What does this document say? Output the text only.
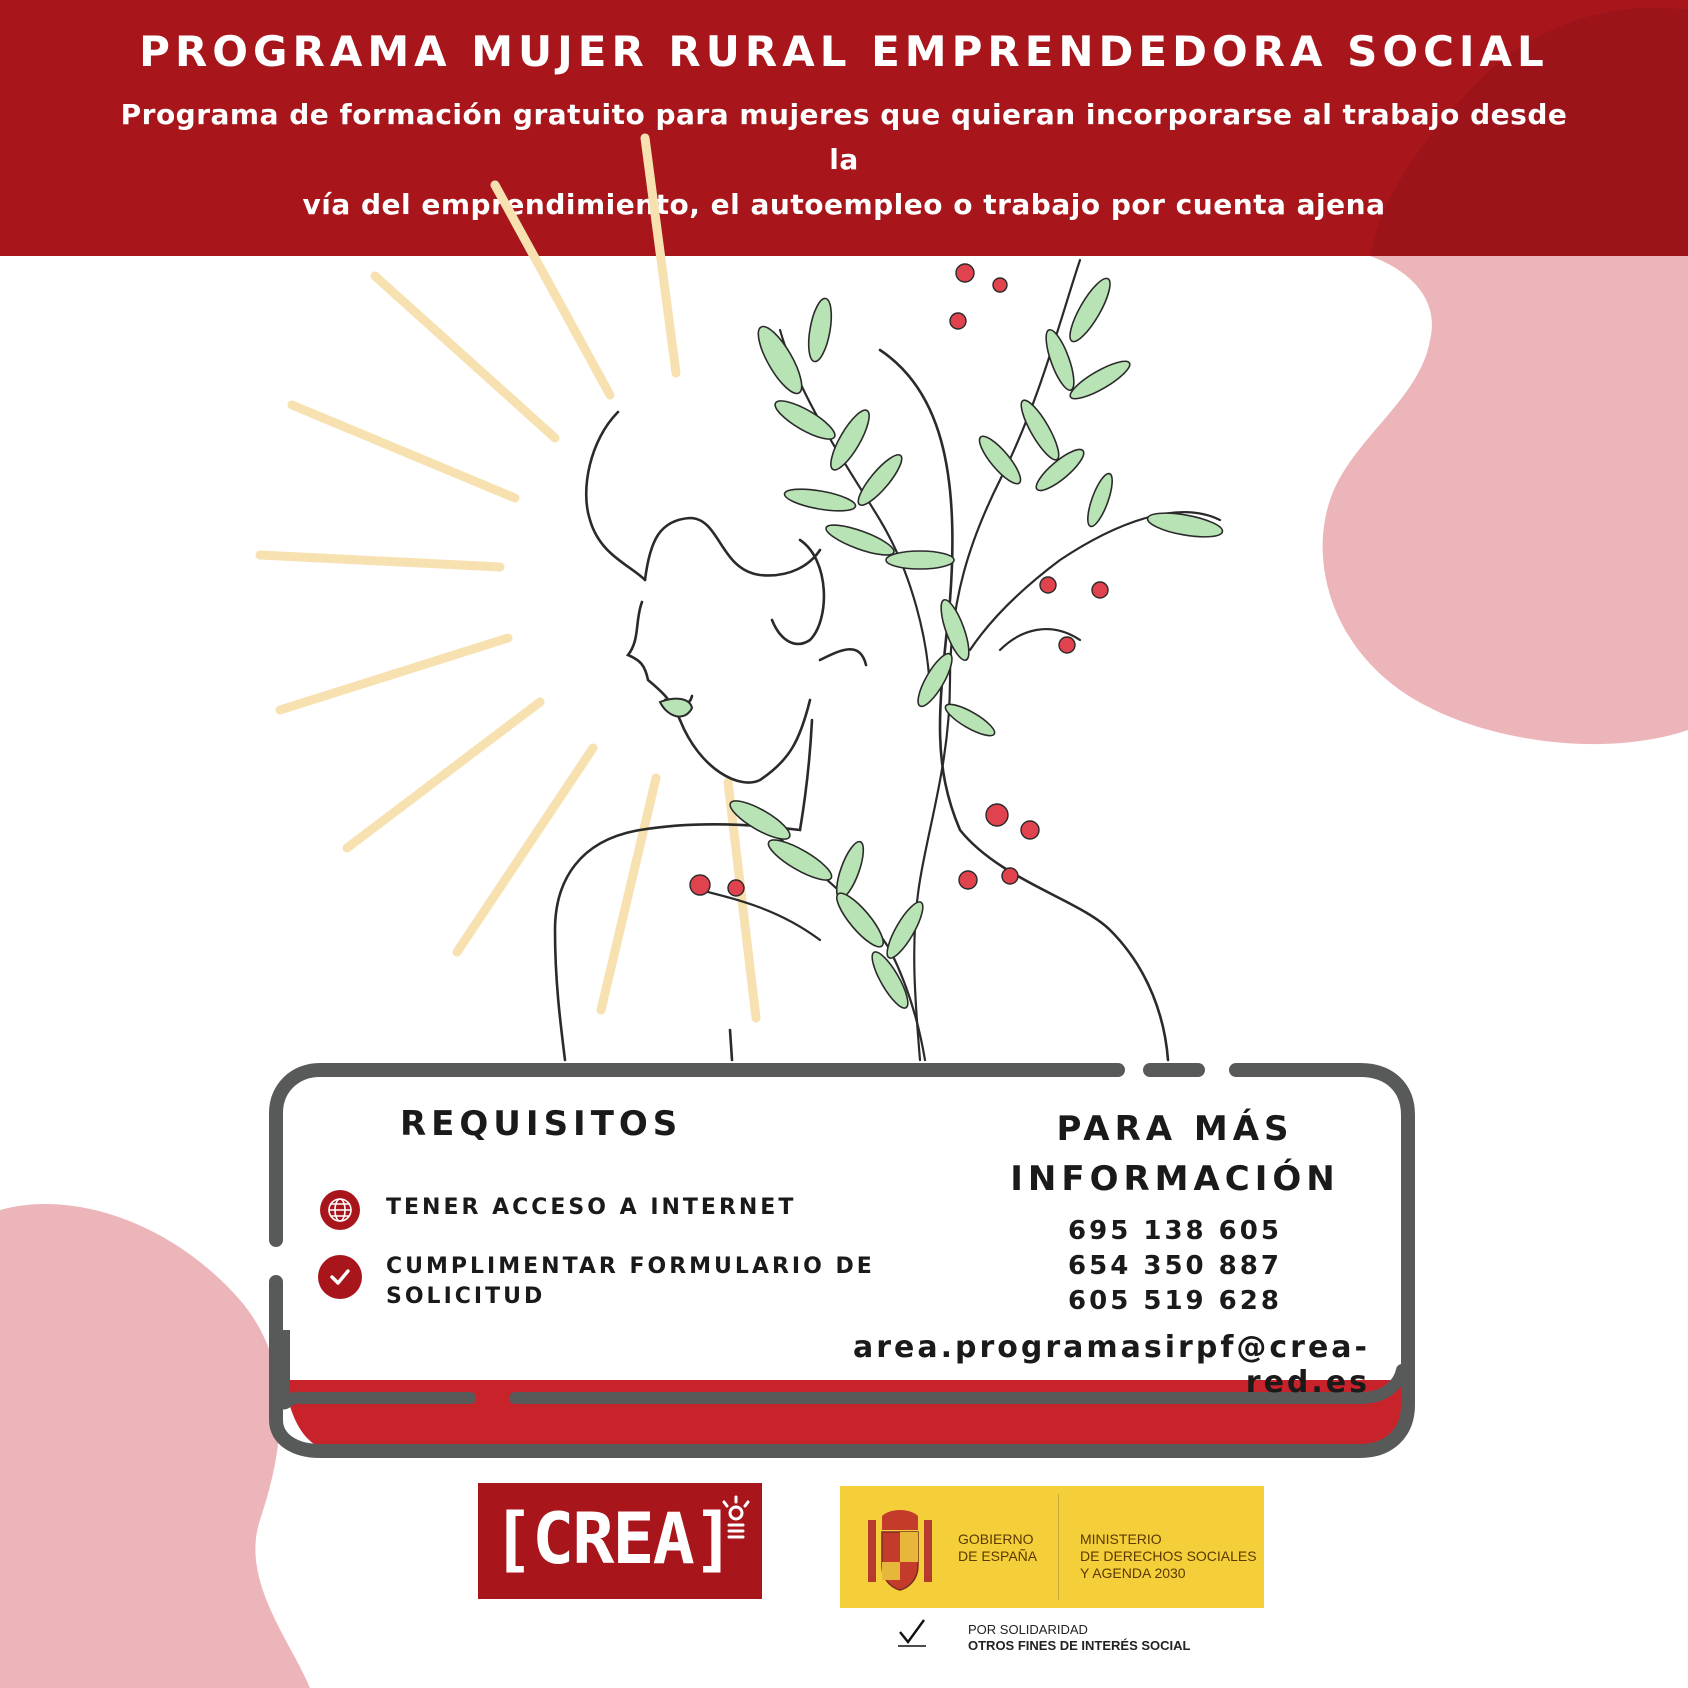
PROGRAMA MUJER RURAL EMPRENDEDORA SOCIAL
Programa de formación gratuito para mujeres que quieran incorporarse al trabajo desde la
vía del emprendimiento, el autoempleo o trabajo por cuenta ajena
REQUISITOS
TENER ACCESO A INTERNET
CUMPLIMENTAR FORMULARIO DE
SOLICITUD
PARA MÁS
INFORMACIÓN
695 138 605
654 350 887
605 519 628
area.programasirpf@crea-red.es
[CREA]	GOBIERNO
DE ESPAÑA
MINISTERIO
DE DERECHOS SOCIALES
Y AGENDA 2030
POR SOLIDARIDAD
OTROS FINES DE INTERÉS SOCIAL
